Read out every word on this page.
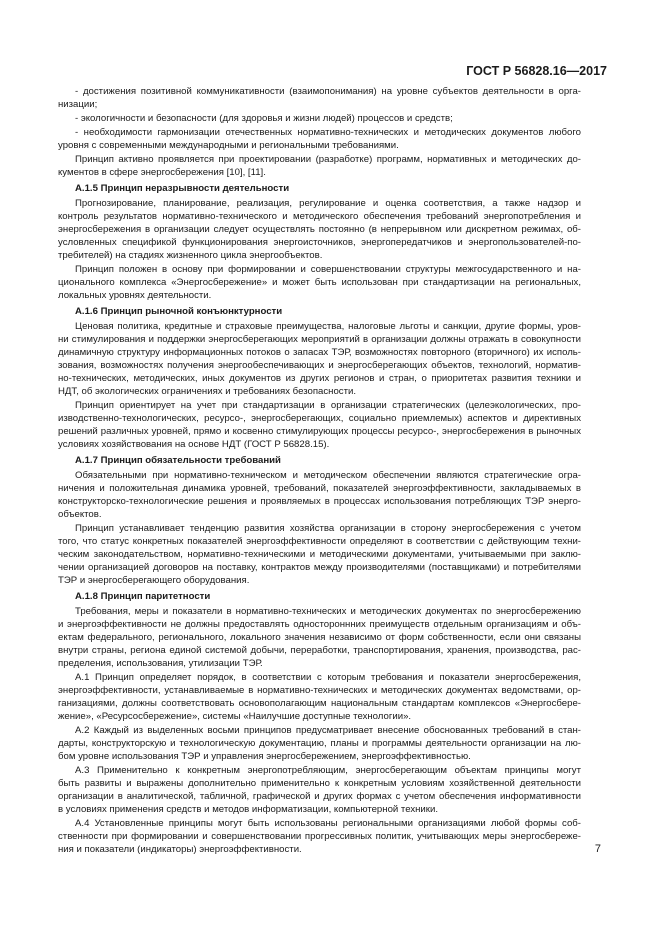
ГОСТ Р 56828.16—2017
- достижения позитивной коммуникативности (взаимопонимания) на уровне субъектов деятельности в орга-
низации;
- экологичности и безопасности (для здоровья и жизни людей) процессов и средств;
- необходимости гармонизации отечественных нормативно-технических и методических документов любого
уровня с современными международными и региональными требованиями.
Принцип активно проявляется при проектировании (разработке) программ, нормативных и методических до-
кументов в сфере энергосбережения [10], [11].
А.1.5 Принцип неразрывности деятельности
Прогнозирование, планирование, реализация, регулирование и оценка соответствия, а также надзор и
контроль результатов нормативно-технического и методического обеспечения требований энергопотребления и
энергосбережения в организации следует осуществлять постоянно (в непрерывном или дискретном режимах, об-
условленных спецификой функционирования энергоисточников, энергопередатчиков и энергопользователей-по-
требителей) на стадиях жизненного цикла энергообъектов.
Принцип положен в основу при формировании и совершенствовании структуры межгосударственного и на-
ционального комплекса «Энергосбережение» и может быть использован при стандартизации на региональных,
локальных уровнях деятельности.
А.1.6 Принцип рыночной конъюнктурности
Ценовая политика, кредитные и страховые преимущества, налоговые льготы и санкции, другие формы, уров-
ни стимулирования и поддержки энергосберегающих мероприятий в организации должны отражать в совокупности
динамичную структуру информационных потоков о запасах ТЭР, возможностях повторного (вторичного) их исполь-
зования, возможностях получения энергообеспечивающих и энергосберегающих объектов, технологий, норматив-
но-технических, методических, иных документов из других регионов и стран, о приоритетах развития техники и
НДТ, об экологических ограничениях и требованиях безопасности.
Принцип ориентирует на учет при стандартизации в организации стратегических (целеэкологических, про-
изводственно-технологических, ресурсо-, энергосберегающих, социально приемлемых) аспектов и директивных
решений различных уровней, прямо и косвенно стимулирующих процессы ресурсо-, энергосбережения в рыночных
условиях хозяйствования на основе НДТ (ГОСТ Р 56828.15).
А.1.7 Принцип обязательности требований
Обязательными при нормативно-техническом и методическом обеспечении являются стратегические огра-
ничения и положительная динамика уровней, требований, показателей энергоэффективности, закладываемых в
конструкторско-технологические решения и проявляемых в процессах использования потребляющих ТЭР энерго-
объектов.
Принцип устанавливает тенденцию развития хозяйства организации в сторону энергосбережения с учетом
того, что статус конкретных показателей энергоэффективности определяют в соответствии с действующим техни-
ческим законодательством, нормативно-техническими и методическими документами, учитываемыми при заклю-
чении организацией договоров на поставку, контрактов между производителями (поставщиками) и потребителями
ТЭР и энергосберегающего оборудования.
А.1.8 Принцип паритетности
Требования, меры и показатели в нормативно-технических и методических документах по энергосбережению
и энергоэффективности не должны предоставлять одностороннних преимуществ отдельным организациям и объ-
ектам федерального, регионального, локального значения независимо от форм собственности, если они связаны
внутри страны, региона единой системой добычи, переработки, транспортирования, хранения, производства, рас-
пределения, использования, утилизации ТЭР.
А.1 Принцип определяет порядок, в соответствии с которым требования и показатели энергосбережения,
энергоэффективности, устанавливаемые в нормативно-технических и методических документах ведомствами, ор-
ганизациями, должны соответствовать основополагающим национальным стандартам комплексов «Энергосбере-
жение», «Ресурсосбережение», системы «Наилучшие доступные технологии».
А.2 Каждый из выделенных восьми принципов предусматривает внесение обоснованных требований в стан-
дарты, конструкторскую и технологическую документацию, планы и программы деятельности организации на лю-
бом уровне использования ТЭР и управления энергосбережением, энергоэффективностью.
А.3 Применительно к конкретным энергопотребляющим, энергосберегающим объектам принципы могут
быть развиты и выражены дополнительно применительно к конкретным условиям хозяйственной деятельности
организации в аналитической, табличной, графической и других формах с учетом обеспечения информативности
в условиях применения средств и методов информатизации, компьютерной техники.
А.4 Установленные принципы могут быть использованы региональными организациями любой формы соб-
ственности при формировании и совершенствовании прогрессивных политик, учитывающих меры энергосбереже-
ния и показатели (индикаторы) энергоэффективности.	7
